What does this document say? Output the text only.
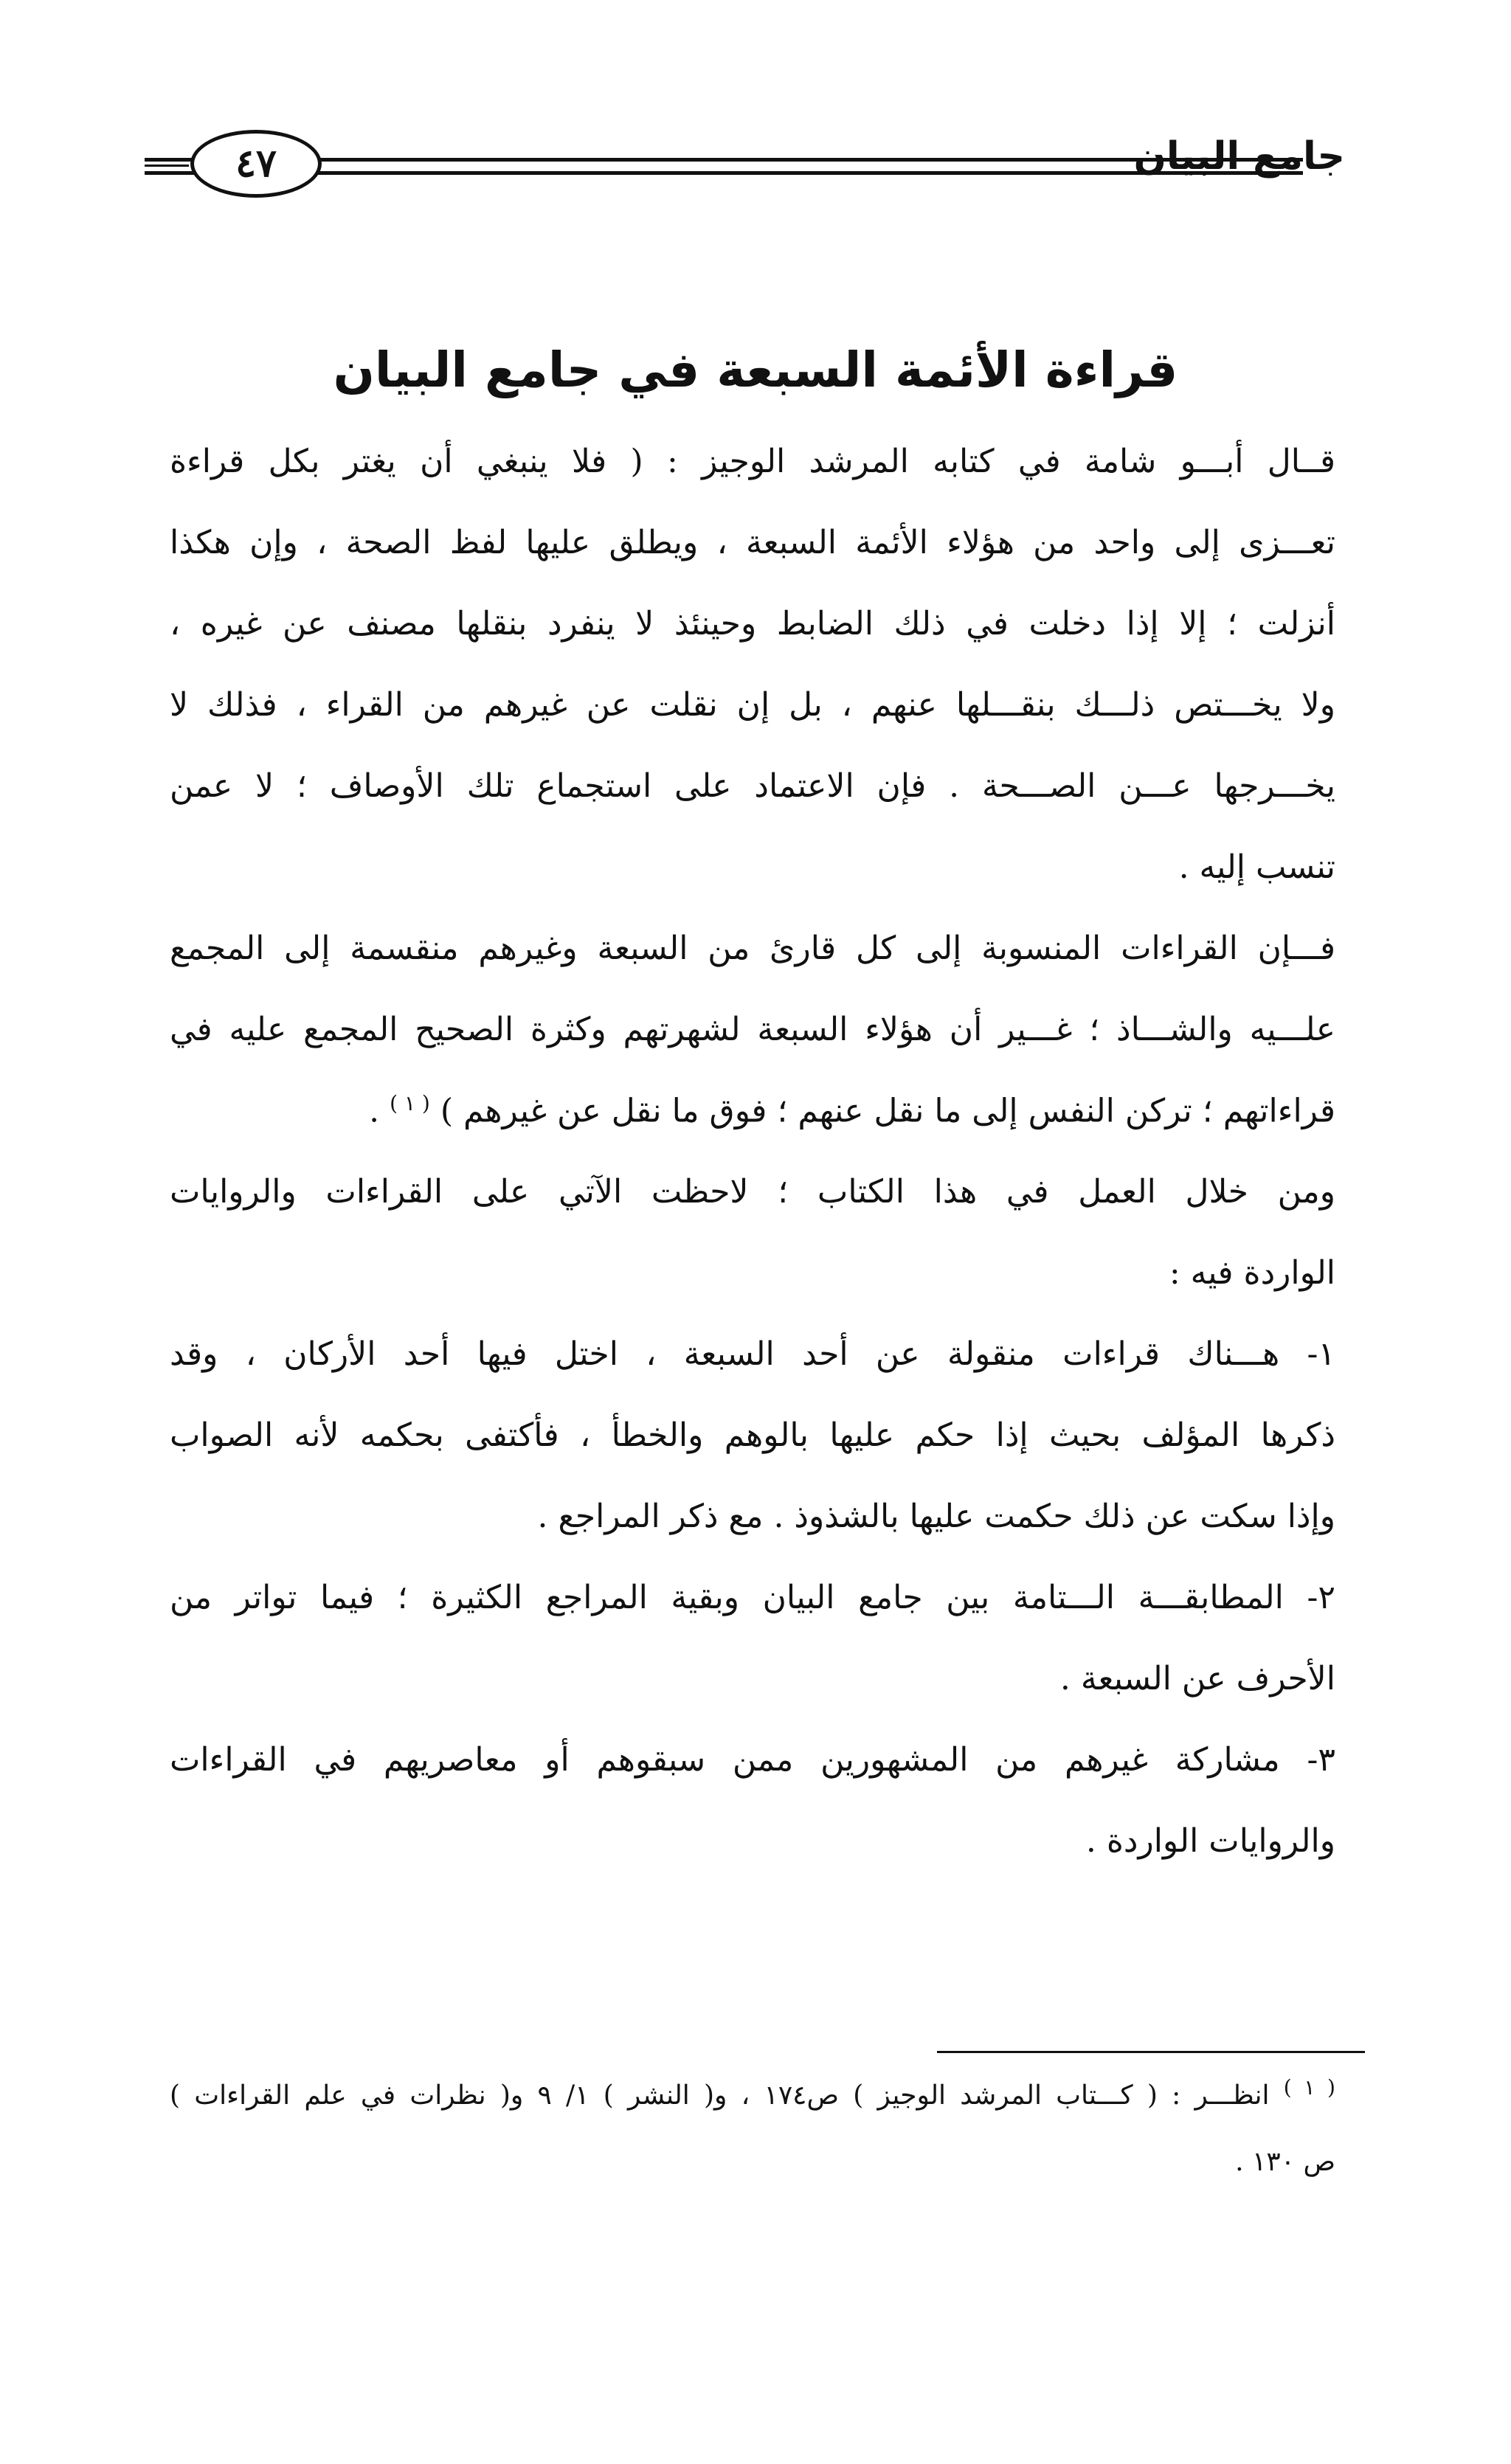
٤٧	جامع البيان
قراءة الأئمة السبعة في جامع البيان
قــال أبـــو شامة في كتابه المرشد الوجيز : ( فلا ينبغي أن يغتر بكل قراءة
تعـــزى إلى واحد من هؤلاء الأئمة السبعة ، ويطلق عليها لفظ الصحة ، وإن هكذا
أنزلت ؛ إلا إذا دخلت في ذلك الضابط وحينئذ لا ينفرد بنقلها مصنف عن غيره ،
ولا يخـــتص ذلـــك بنقـــلها عنهم ، بل إن نقلت عن غيرهم من القراء ، فذلك لا
يخـــرجها عـــن الصـــحة . فإن الاعتماد على استجماع تلك الأوصاف ؛ لا عمن
تنسب إليه .
فـــإن القراءات المنسوبة إلى كل قارئ من السبعة وغيرهم منقسمة إلى المجمع
علـــيه والشـــاذ ؛ غـــير أن هؤلاء السبعة لشهرتهم وكثرة الصحيح المجمع عليه في
قراءاتهم ؛ تركن النفس إلى ما نقل عنهم ؛ فوق ما نقل عن غيرهم ) $^{( ١ )}$ .
ومن خلال العمل في هذا الكتاب ؛ لاحظت الآتي على القراءات والروايات
الواردة فيه :
١- هـــناك قراءات منقولة عن أحد السبعة ، اختل فيها أحد الأركان ، وقد
ذكرها المؤلف بحيث إذا حكم عليها بالوهم والخطأ ، فأكتفى بحكمه لأنه الصواب
وإذا سكت عن ذلك حكمت عليها بالشذوذ . مع ذكر المراجع .
٢- المطابقـــة الـــتامة بين جامع البيان وبقية المراجع الكثيرة ؛ فيما تواتر من
الأحرف عن السبعة .
٣- مشاركة غيرهم من المشهورين ممن سبقوهم أو معاصريهم في القراءات
والروايات الواردة .
$^{( ١ )}$ انظـــر : ( كـــتاب المرشد الوجيز ) ص١٧٤ ، و( النشر ) ١/ ٩ و( نظرات في علم القراءات )
ص ١٣٠ .
